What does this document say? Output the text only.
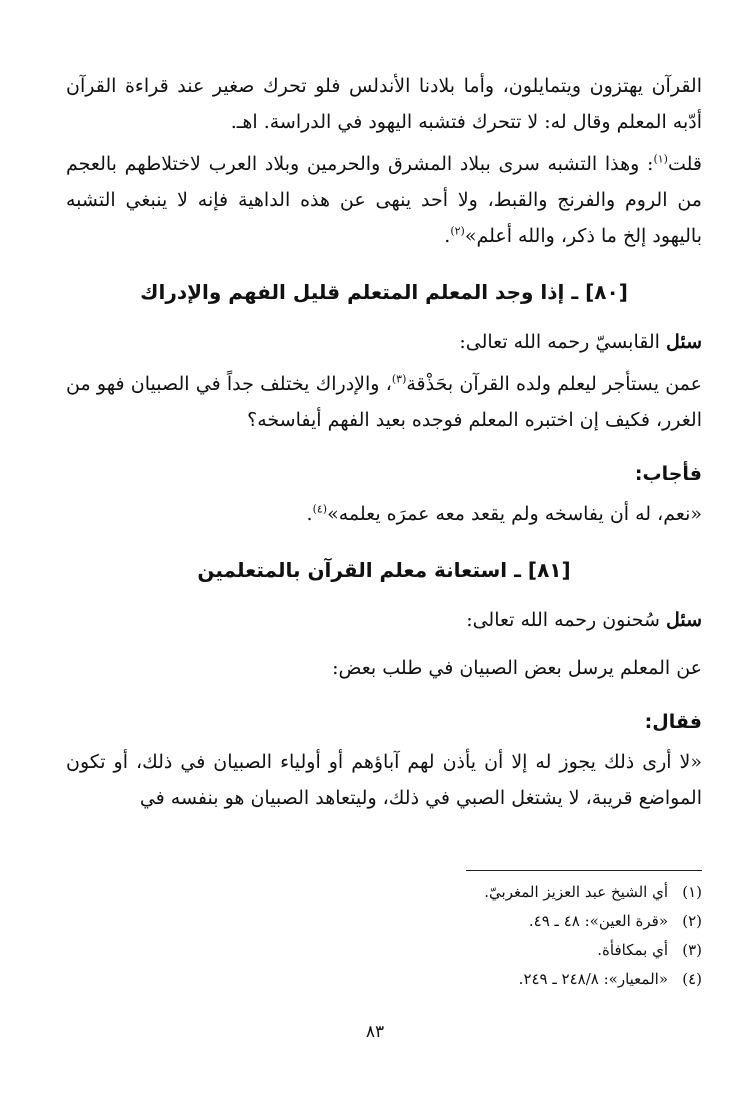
القرآن يهتزون ويتمايلون، وأما بلادنا الأندلس فلو تحرك صغير عند قراءة القرآن أدّبه المعلم وقال له: لا تتحرك فتشبه اليهود في الدراسة. اهـ.

قلت$^{(١)}$: وهذا التشبه سرى ببلاد المشرق والحرمين وبلاد العرب لاختلاطهم بالعجم من الروم والفرنج والقبط، ولا أحد ينهى عن هذه الداهية فإنه لا ينبغي التشبه باليهود إلخ ما ذكر، والله أعلم»$^{(٢)}$.

[٨٠] ـ إذا وجد المعلم المتعلم قليل الفهم والإدراك

سئل القابسيّ رحمه الله تعالى:

عمن يستأجر ليعلم ولده القرآن بحَذْقة$^{(٣)}$، والإدراك يختلف جداً في الصبيان فهو من الغرر، فكيف إن اختبره المعلم فوجده بعيد الفهم أيفاسخه؟

فأجاب:

«نعم، له أن يفاسخه ولم يقعد معه عمرَه يعلمه»$^{(٤)}$.

[٨١] ـ استعانة معلم القرآن بالمتعلمين

سئل سُحنون رحمه الله تعالى:

عن المعلم يرسل بعض الصبيان في طلب بعض:

فقال:

«لا أرى ذلك يجوز له إلا أن يأذن لهم آباؤهم أو أولياء الصبيان في ذلك، أو تكون المواضع قريبة، لا يشتغل الصبي في ذلك، وليتعاهد الصبيان هو بنفسه في

(١)أي الشيخ عبد العزيز المغربيّ.
(٢)«قرة العين»: ٤٨ ـ ٤٩.
(٣)أي بمكافأة.
(٤)«المعيار»: ٢٤٨/٨ ـ ٢٤٩.
٨٣
